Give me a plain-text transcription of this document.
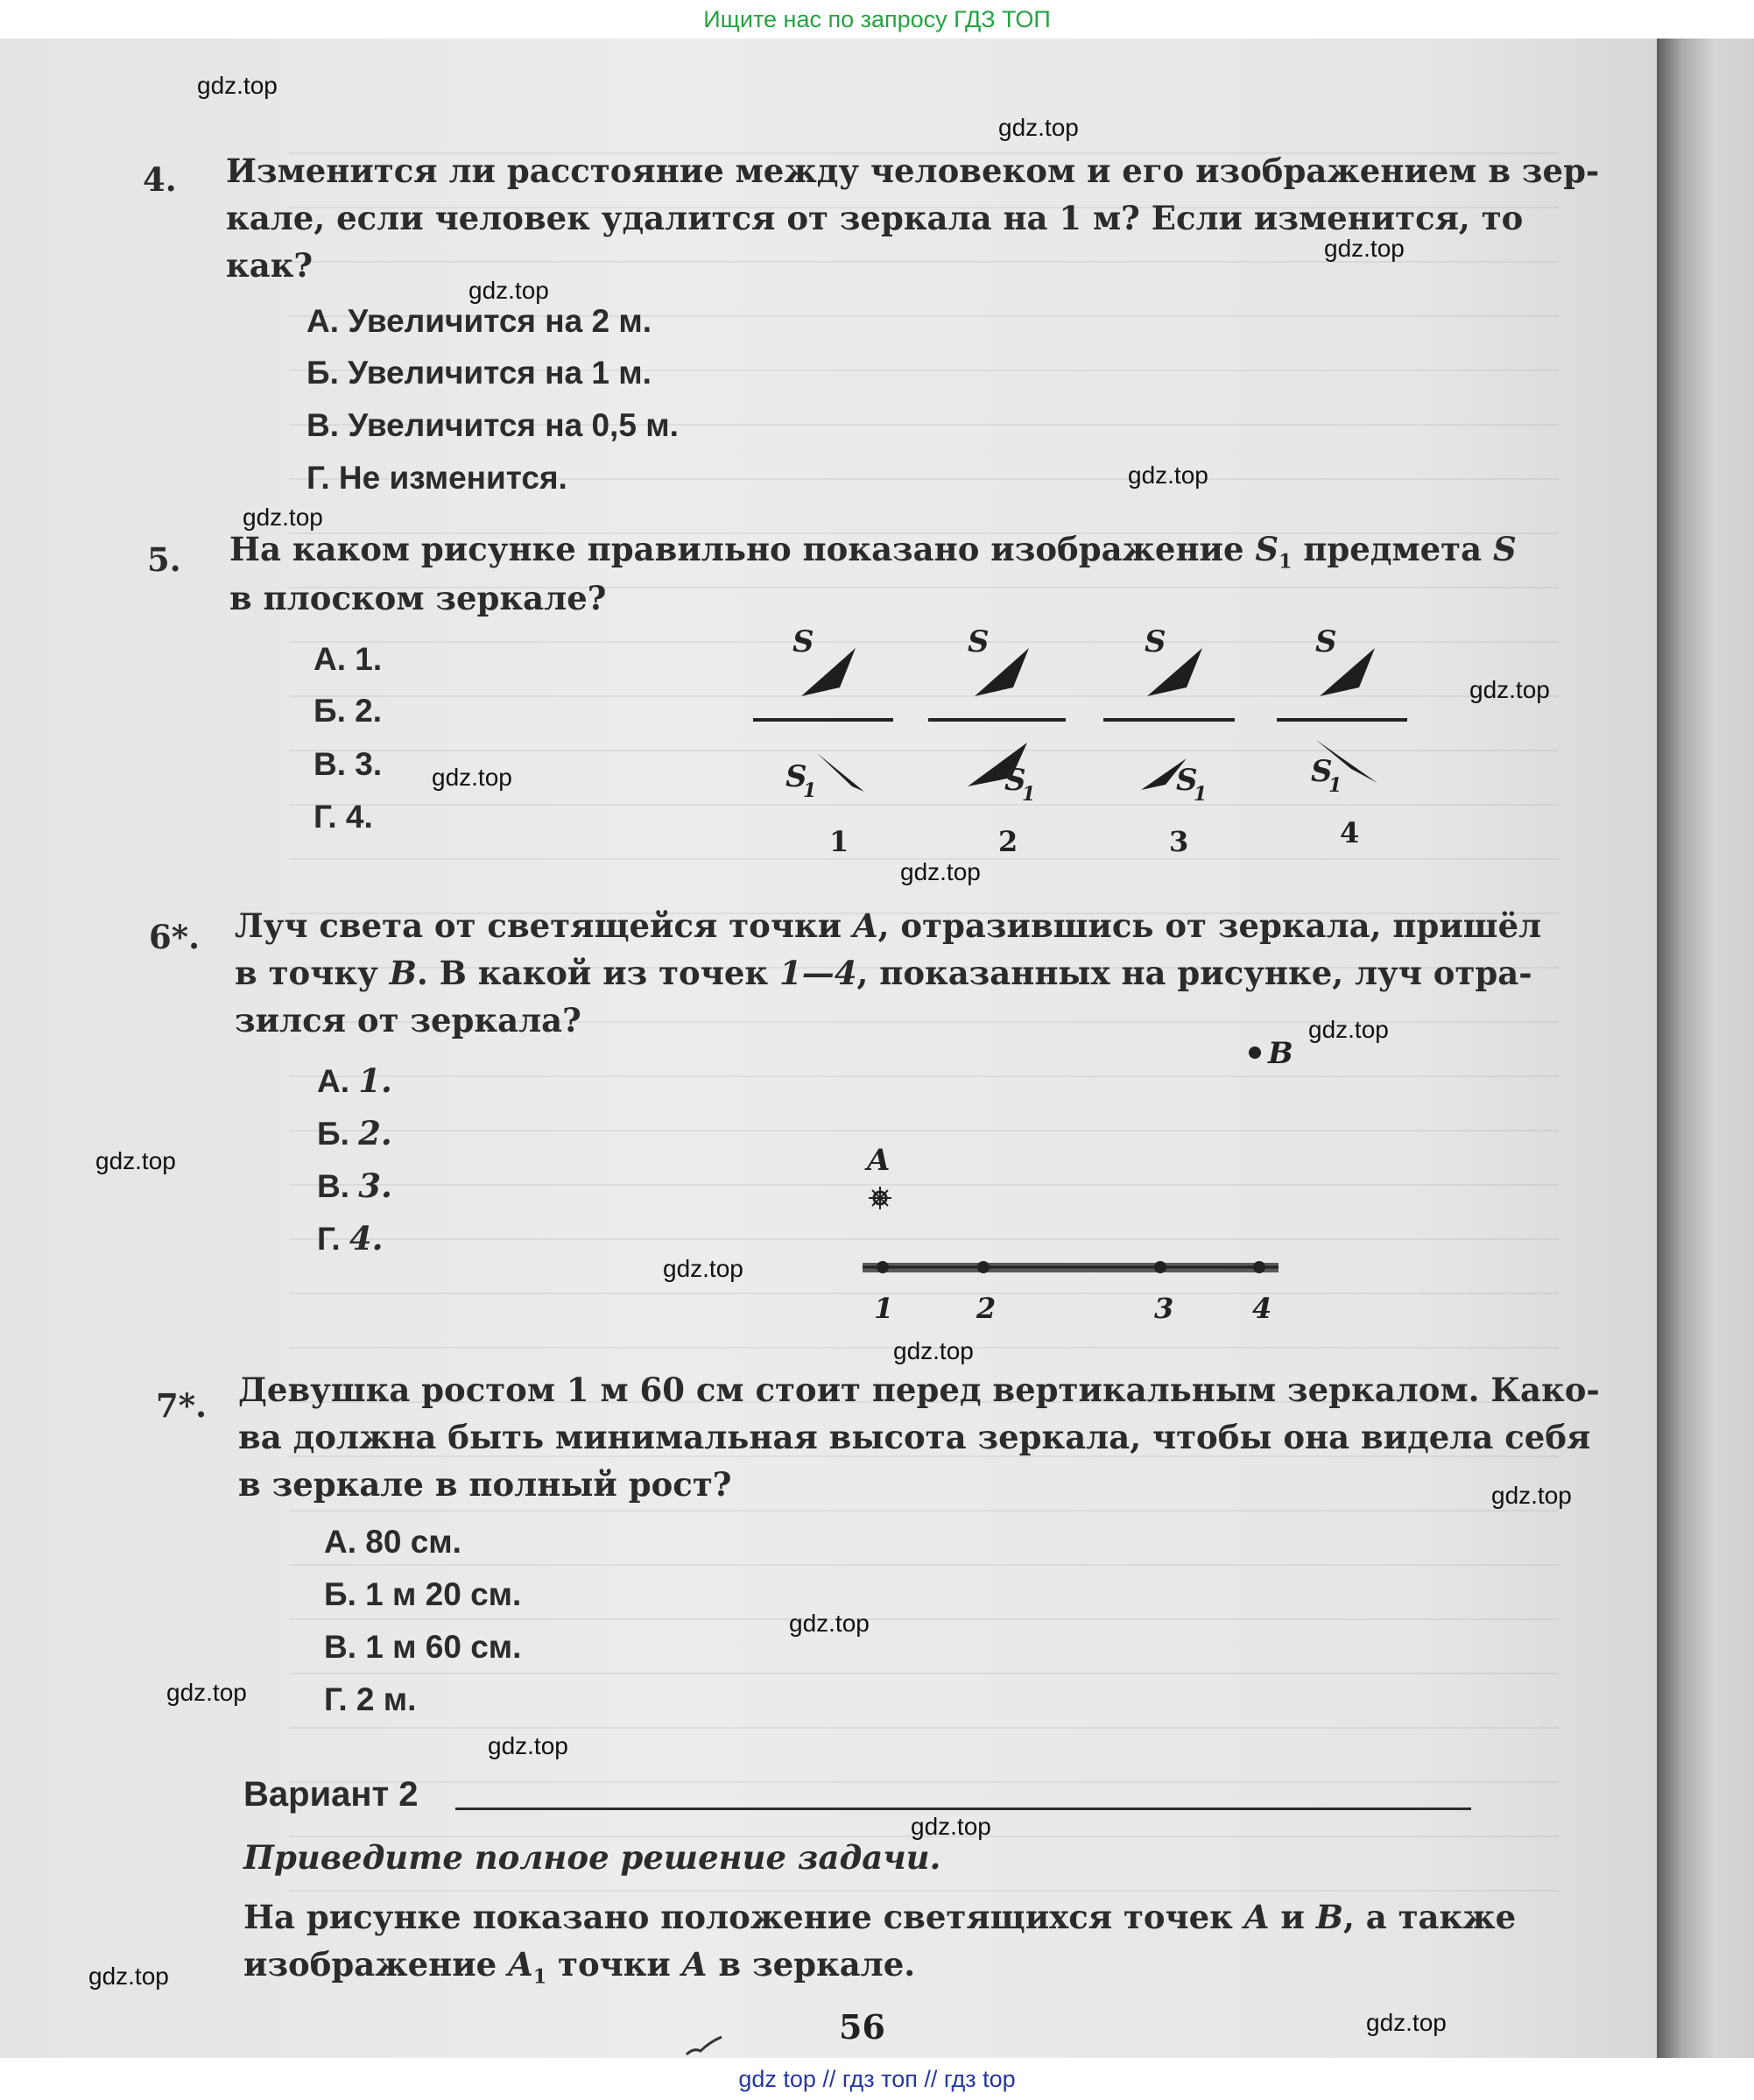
Ищите нас по запросу ГДЗ ТОП
gdz.top
gdz.top
gdz.top
gdz.top
gdz.top
gdz.top
gdz.top
gdz.top
gdz.top
gdz.top
gdz.top
gdz.top
gdz.top
gdz.top
gdz.top
gdz.top
gdz.top
gdz.top
gdz.top
gdz.top
4. Изменится ли расстояние между человеком и его изображением в зер-
кале, если человек удалится от зеркала на 1 м? Если изменится, то
как?
А. Увеличится на 2 м.
Б. Увеличится на 1 м.
В. Увеличится на 0,5 м.
Г. Не изменится.
5. На каком рисунке правильно показано изображение $S_1$ предмета S
в плоском зеркале?
А. 1.
Б. 2.
В. 3.
Г. 4.
S
S
1
1
S
S
1
2
S
S
1
3
S
S
1
4
6*. Луч света от светящейся точки A, отразившись от зеркала, пришёл
в точку B. В какой из точек 1—4, показанных на рисунке, луч отра-
зился от зеркала?
А. 1.
Б. 2.
В. 3.
Г. 4.
B
A
1	2	3	4
7*. Девушка ростом 1 м 60 см стоит перед вертикальным зеркалом. Како-
ва должна быть минимальная высота зеркала, чтобы она видела себя
в зеркале в полный рост?
А. 80 см.
Б. 1 м 20 см.
В. 1 м 60 см.
Г. 2 м.
Вариант 2
Приведите полное решение задачи.
На рисунке показано положение светящихся точек A и B, а также
изображение $A_1$ точки A в зеркале.
56
gdz top // гдз топ // гдз top
